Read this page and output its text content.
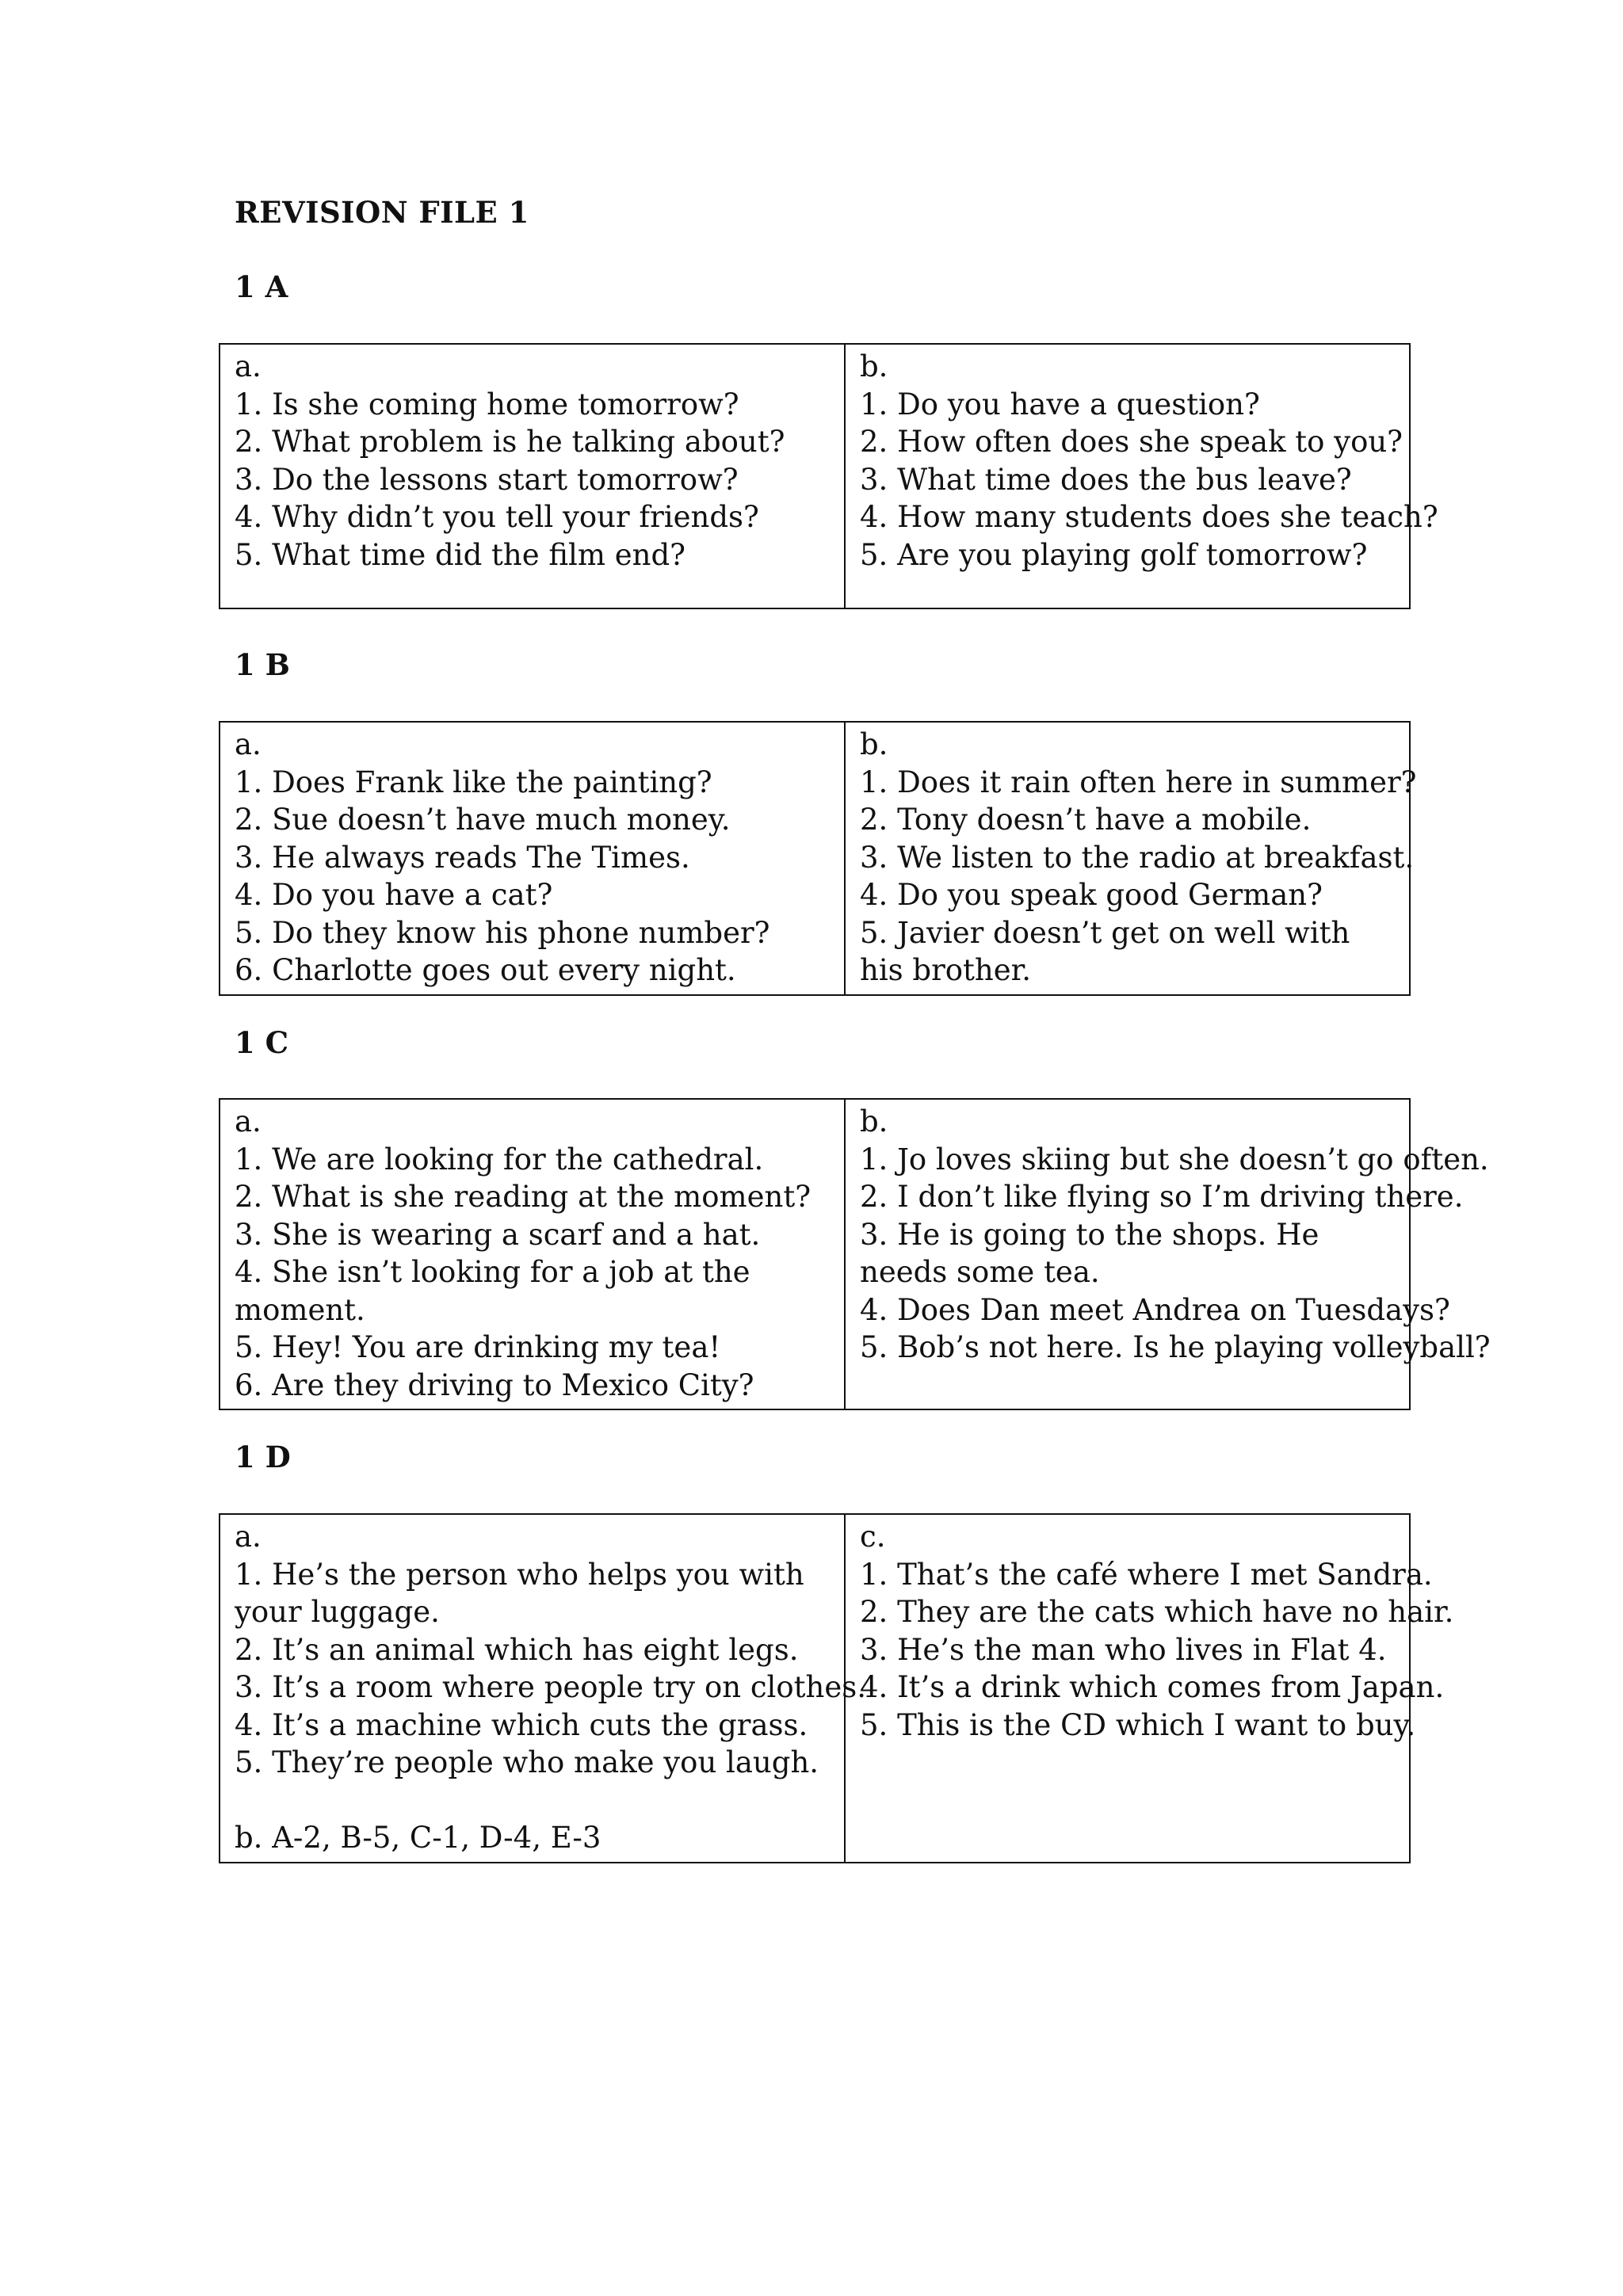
REVISION FILE 1
1 A
a.
1. Is she coming home tomorrow?
2. What problem is he talking about?
3. Do the lessons start tomorrow?
4. Why didn’t you tell your friends?
5. What time did the film end?

b.
1. Do you have a question?
2. How often does she speak to you?
3. What time does the bus leave?
4. How many students does she teach?
5. Are you playing golf tomorrow?
1 B
a.
1. Does Frank like the painting?
2. Sue doesn’t have much money.
3. He always reads The Times.
4. Do you have a cat?
5. Do they know his phone number?
6. Charlotte goes out every night.

b.
1. Does it rain often here in summer?
2. Tony doesn’t have a mobile.
3. We listen to the radio at breakfast.
4. Do you speak good German?
5. Javier doesn’t get on well with his brother.
1 C
a.
1. We are looking for the cathedral.
2. What is she reading at the moment?
3. She is wearing a scarf and a hat.
4. She isn’t looking for a job at the moment.
5. Hey! You are drinking my tea!
6. Are they driving to Mexico City?

b.
1. Jo loves skiing but she doesn’t go often.
2. I don’t like flying so I’m driving there.
3. He is going to the shops. He needs some tea.
4. Does Dan meet Andrea on Tuesdays?
5. Bob’s not here. Is he playing volleyball?
1 D
a.
1. He’s the person who helps you with your luggage.
2. It’s an animal which has eight legs.
3. It’s a room where people try on clothes.
4. It’s a machine which cuts the grass.
5. They’re people who make you laugh.
b. A-2, B-5, C-1, D-4, E-3

c.
1. That’s the café where I met Sandra.
2. They are the cats which have no hair.
3. He’s the man who lives in Flat 4.
4. It’s a drink which comes from Japan.
5. This is the CD which I want to buy.
